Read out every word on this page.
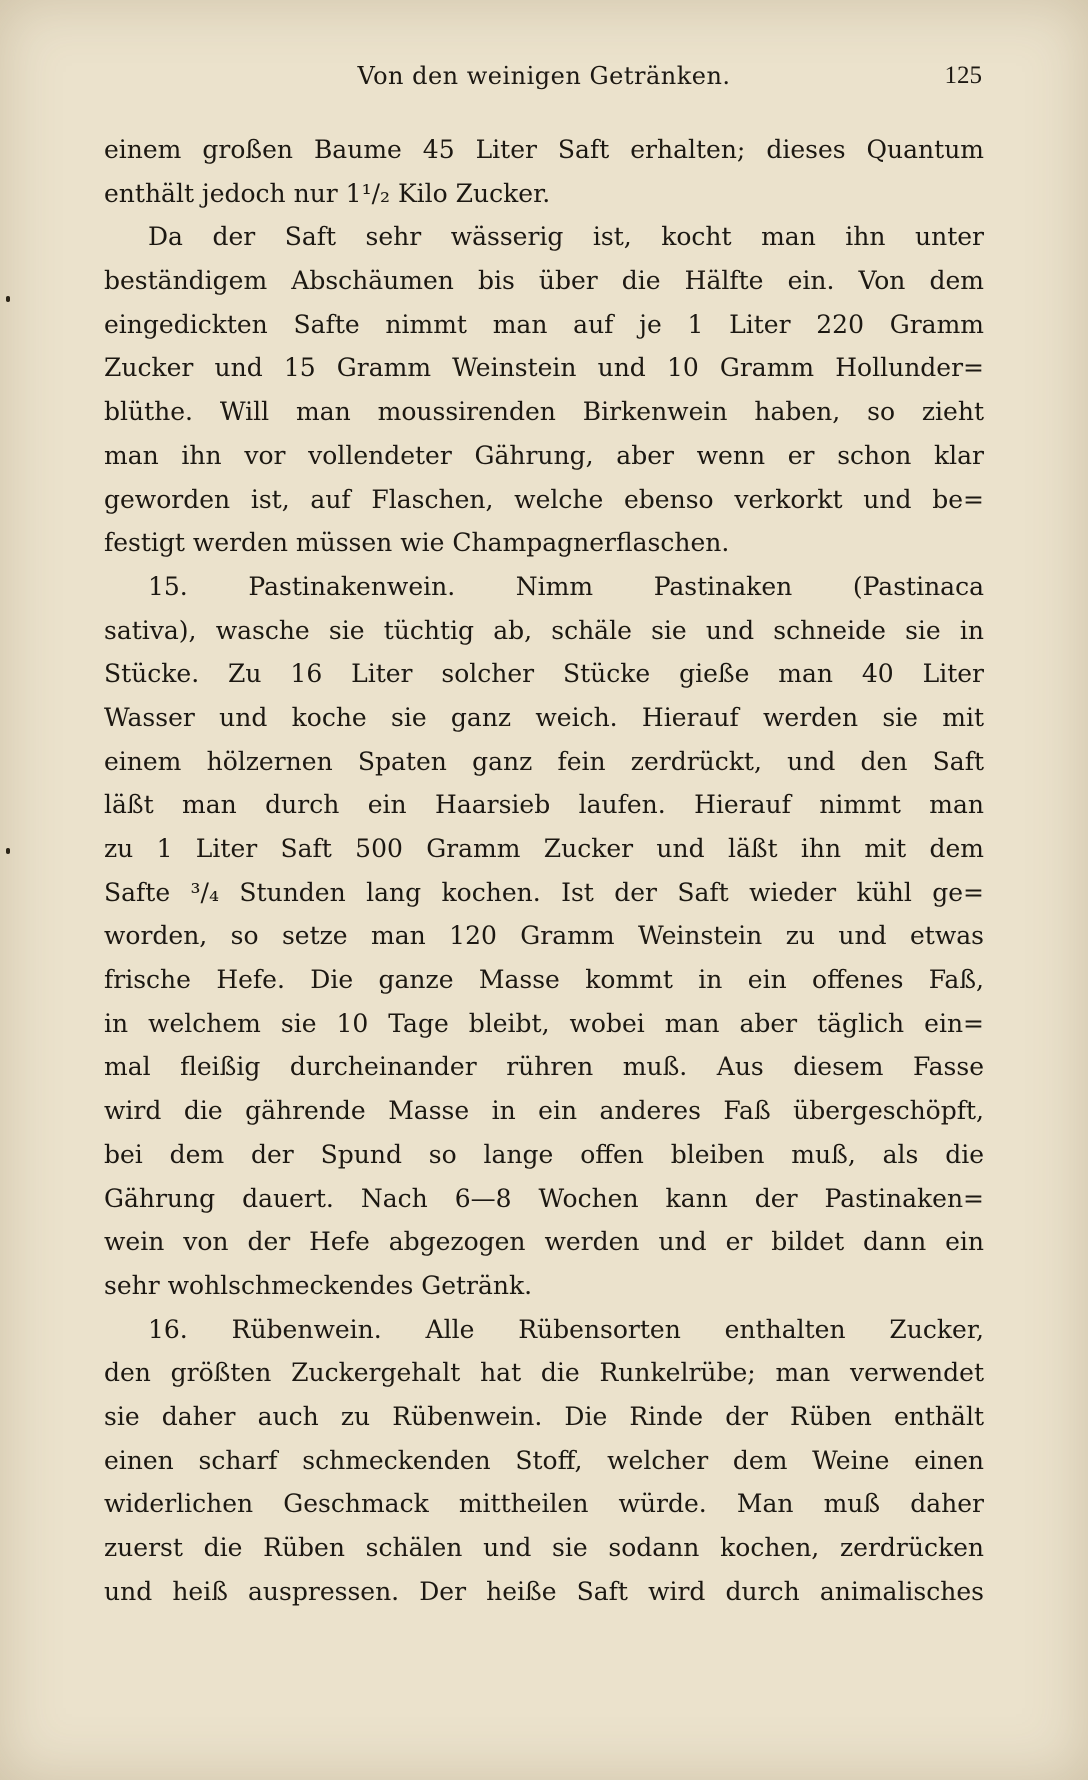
Von den weinigen Getränken.	125
einem großen Baume 45 Liter Saft erhalten; dieses Quantum
enthält jedoch nur 1¹/₂ Kilo Zucker.
Da der Saft sehr wässerig ist, kocht man ihn unter
beständigem Abschäumen bis über die Hälfte ein. Von dem
eingedickten Safte nimmt man auf je 1 Liter 220 Gramm
Zucker und 15 Gramm Weinstein und 10 Gramm Hollunder=
blüthe. Will man moussirenden Birkenwein haben, so zieht
man ihn vor vollendeter Gährung, aber wenn er schon klar
geworden ist, auf Flaschen, welche ebenso verkorkt und be=
festigt werden müssen wie Champagnerflaschen.
15. Pastinakenwein. Nimm Pastinaken (Pastinaca
sativa), wasche sie tüchtig ab, schäle sie und schneide sie in
Stücke. Zu 16 Liter solcher Stücke gieße man 40 Liter
Wasser und koche sie ganz weich. Hierauf werden sie mit
einem hölzernen Spaten ganz fein zerdrückt, und den Saft
läßt man durch ein Haarsieb laufen. Hierauf nimmt man
zu 1 Liter Saft 500 Gramm Zucker und läßt ihn mit dem
Safte ³/₄ Stunden lang kochen. Ist der Saft wieder kühl ge=
worden, so setze man 120 Gramm Weinstein zu und etwas
frische Hefe. Die ganze Masse kommt in ein offenes Faß,
in welchem sie 10 Tage bleibt, wobei man aber täglich ein=
mal fleißig durcheinander rühren muß. Aus diesem Fasse
wird die gährende Masse in ein anderes Faß übergeschöpft,
bei dem der Spund so lange offen bleiben muß, als die
Gährung dauert. Nach 6—8 Wochen kann der Pastinaken=
wein von der Hefe abgezogen werden und er bildet dann ein
sehr wohlschmeckendes Getränk.
16. Rübenwein. Alle Rübensorten enthalten Zucker,
den größten Zuckergehalt hat die Runkelrübe; man verwendet
sie daher auch zu Rübenwein. Die Rinde der Rüben enthält
einen scharf schmeckenden Stoff, welcher dem Weine einen
widerlichen Geschmack mittheilen würde. Man muß daher
zuerst die Rüben schälen und sie sodann kochen, zerdrücken
und heiß auspressen. Der heiße Saft wird durch animalisches
